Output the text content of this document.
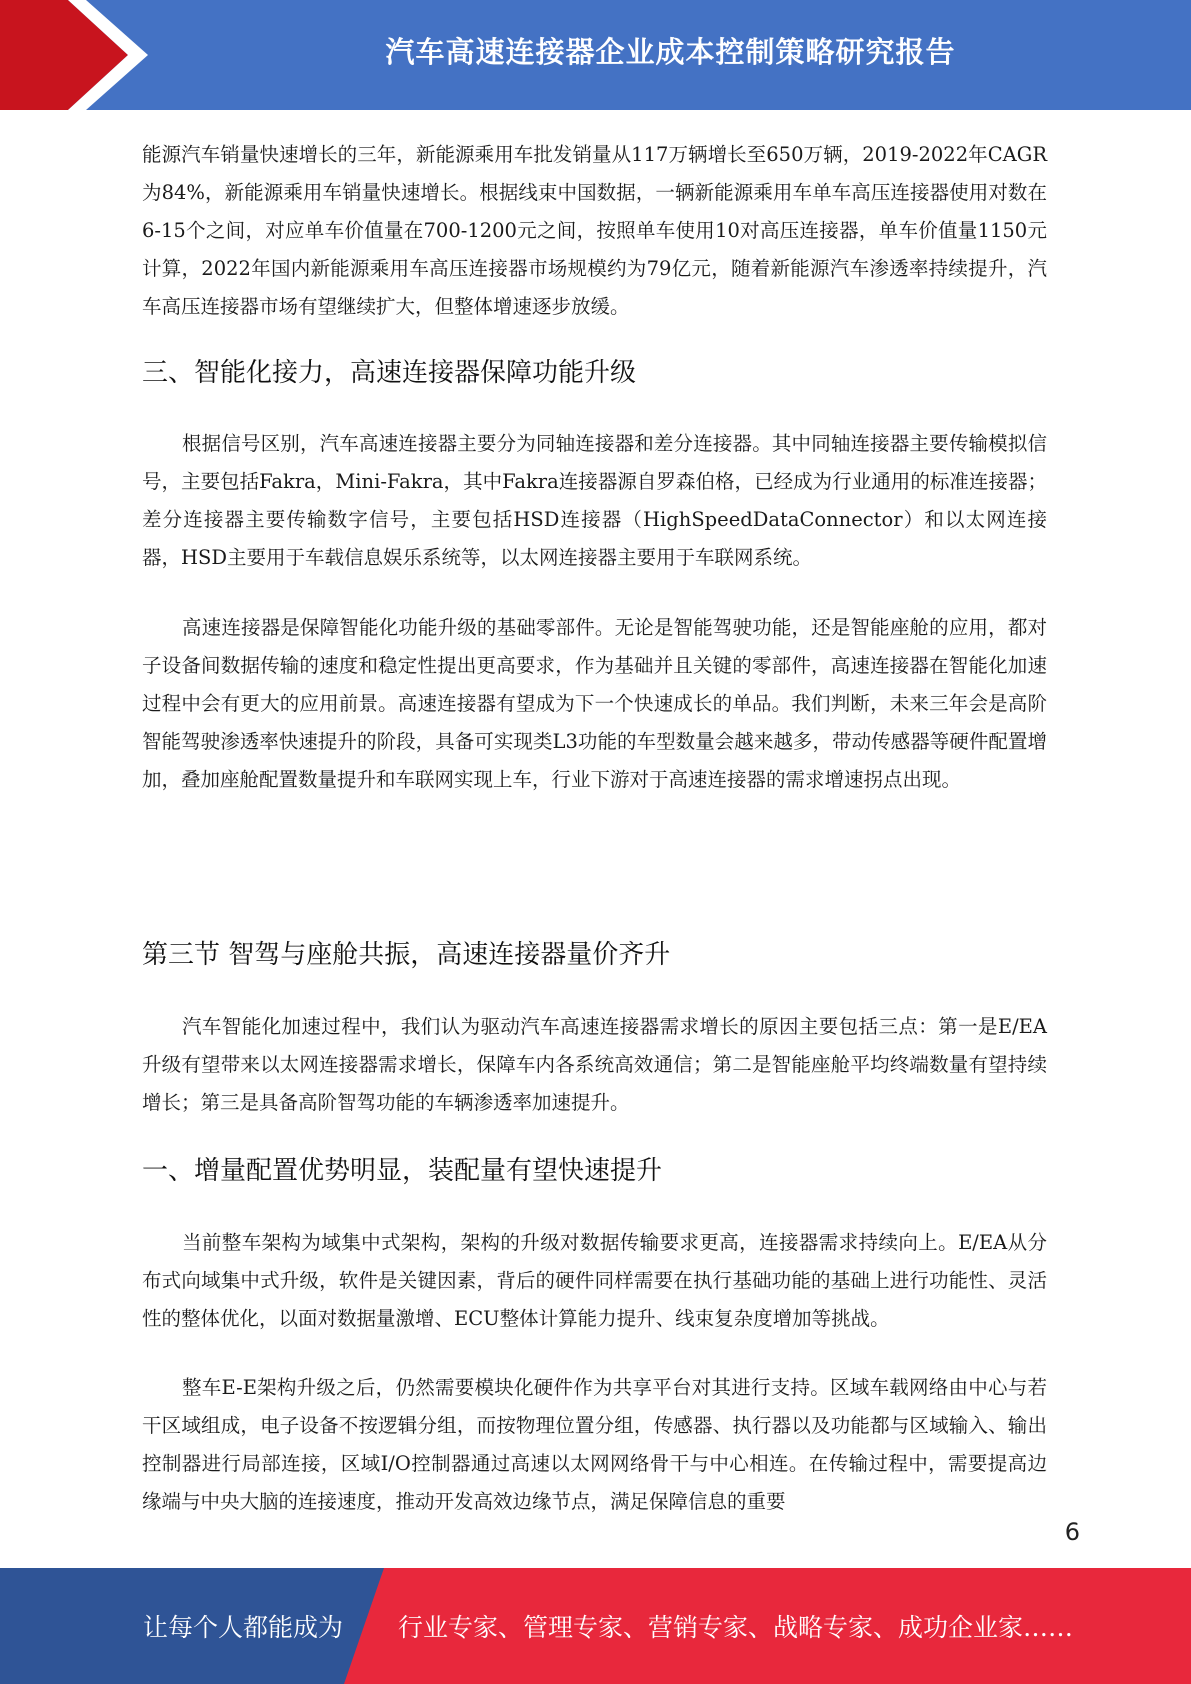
汽车高速连接器企业成本控制策略研究报告

能源汽车销量快速增长的三年，新能源乘用车批发销量从117万辆增长至650万辆，2019-2022年CAGR为84%，新能源乘用车销量快速增长。根据线束中国数据，一辆新能源乘用车单车高压连接器使用对数在6-15个之间，对应单车价值量在700-1200元之间，按照单车使用10对高压连接器，单车价值量1150元计算，2022年国内新能源乘用车高压连接器市场规模约为79亿元，随着新能源汽车渗透率持续提升，汽车高压连接器市场有望继续扩大，但整体增速逐步放缓。

三、智能化接力，高速连接器保障功能升级

根据信号区别，汽车高速连接器主要分为同轴连接器和差分连接器。其中同轴连接器主要传输模拟信号，主要包括Fakra，Mini-Fakra，其中Fakra连接器源自罗森伯格，已经成为行业通用的标准连接器；差分连接器主要传输数字信号，主要包括HSD连接器（HighSpeedDataConnector）和以太网连接器，HSD主要用于车载信息娱乐系统等，以太网连接器主要用于车联网系统。

高速连接器是保障智能化功能升级的基础零部件。无论是智能驾驶功能，还是智能座舱的应用，都对子设备间数据传输的速度和稳定性提出更高要求，作为基础并且关键的零部件，高速连接器在智能化加速过程中会有更大的应用前景。高速连接器有望成为下一个快速成长的单品。我们判断，未来三年会是高阶智能驾驶渗透率快速提升的阶段，具备可实现类L3功能的车型数量会越来越多，带动传感器等硬件配置增加，叠加座舱配置数量提升和车联网实现上车，行业下游对于高速连接器的需求增速拐点出现。

第三节 智驾与座舱共振，高速连接器量价齐升

汽车智能化加速过程中，我们认为驱动汽车高速连接器需求增长的原因主要包括三点：第一是E/EA升级有望带来以太网连接器需求增长，保障车内各系统高效通信；第二是智能座舱平均终端数量有望持续增长；第三是具备高阶智驾功能的车辆渗透率加速提升。

一、增量配置优势明显，装配量有望快速提升

当前整车架构为域集中式架构，架构的升级对数据传输要求更高，连接器需求持续向上。E/EA从分布式向域集中式升级，软件是关键因素，背后的硬件同样需要在执行基础功能的基础上进行功能性、灵活性的整体优化，以面对数据量激增、ECU整体计算能力提升、线束复杂度增加等挑战。

整车E-E架构升级之后，仍然需要模块化硬件作为共享平台对其进行支持。区域车载网络由中心与若干区域组成，电子设备不按逻辑分组，而按物理位置分组，传感器、执行器以及功能都与区域输入、输出控制器进行局部连接，区域I/O控制器通过高速以太网网络骨干与中心相连。在传输过程中，需要提高边缘端与中央大脑的连接速度，推动开发高效边缘节点，满足保障信息的重要

6
让每个人都能成为 行业专家、管理专家、营销专家、战略专家、成功企业家……
